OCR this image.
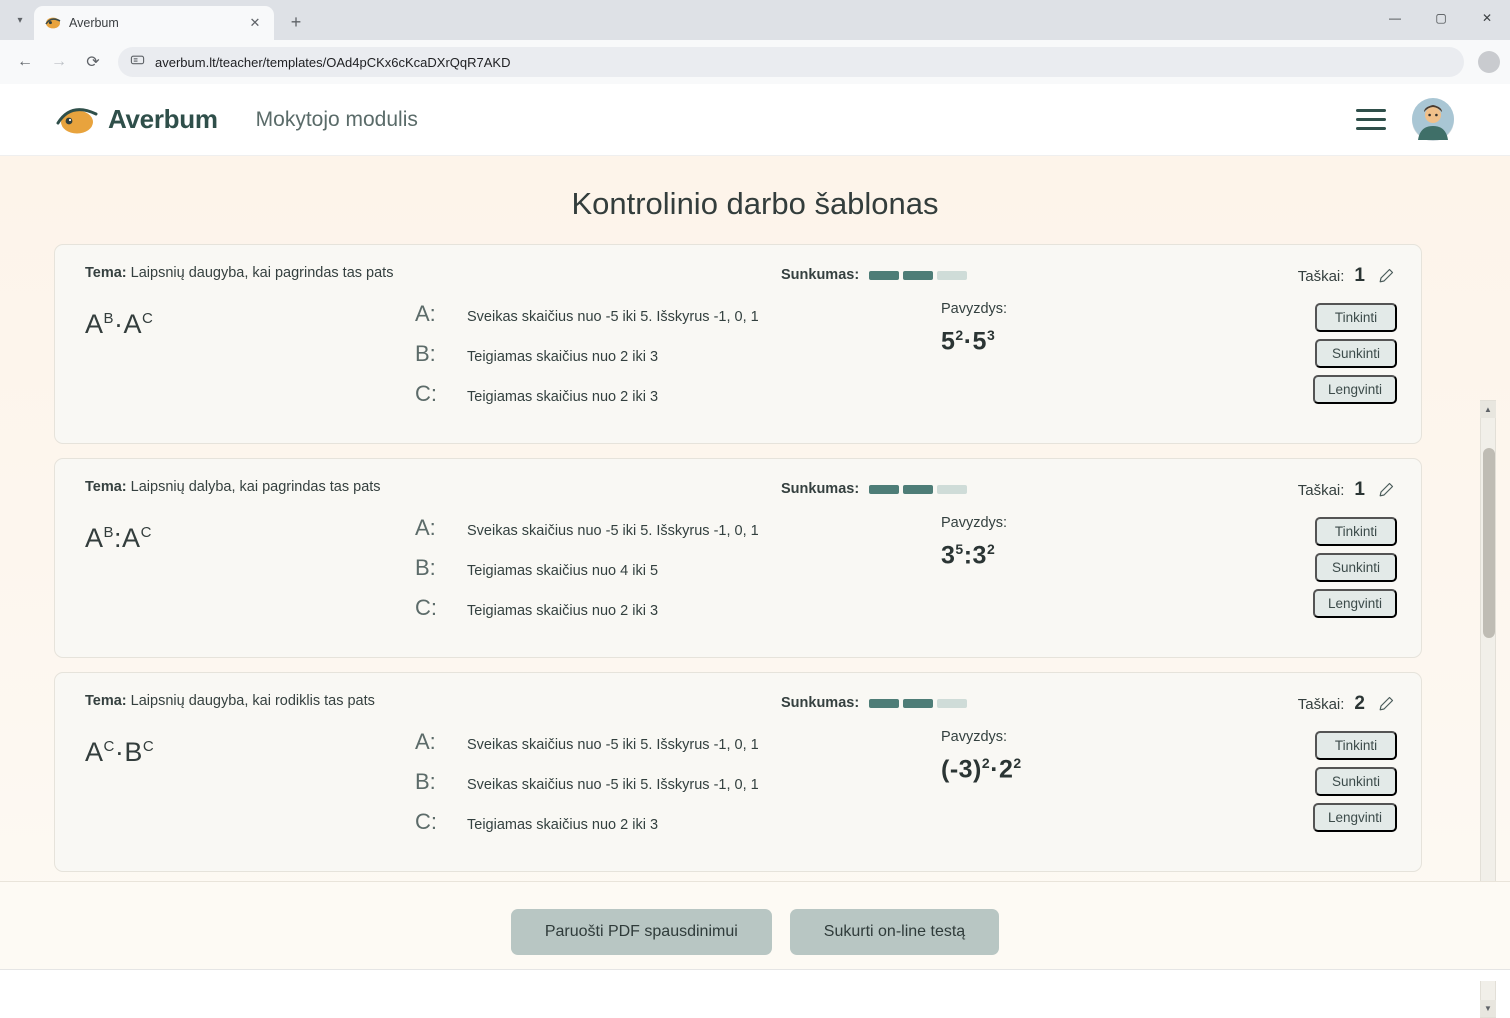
▾	Averbum	✕	+	—	▢	✕
←	→	⟳	averbum.lt/teacher/templates/OAd4pCKx6cKcaDXrQqR7AKD
Averbum Mokytojo modulis
Kontrolinio darbo šablonas
Tema: Laipsnių daugyba, kai pagrindas tas pats	Sunkumas:	Taškai: 1
$A^B\cdot A^C$	A:	Sveikas skaičius nuo -5 iki 5. Išskyrus -1, 0, 1
B:	Teigiamas skaičius nuo 2 iki 3
C:	Teigiamas skaičius nuo 2 iki 3
Pavyzdys:
$5^2\cdot 5^3$
Tinkinti
Sunkinti
Lengvinti
Tema: Laipsnių dalyba, kai pagrindas tas pats	Sunkumas:	Taškai: 1
$A^B:A^C$	A:	Sveikas skaičius nuo -5 iki 5. Išskyrus -1, 0, 1
B:	Teigiamas skaičius nuo 4 iki 5
C:	Teigiamas skaičius nuo 2 iki 3
Pavyzdys:
$3^5:3^2$
Tinkinti
Sunkinti
Lengvinti
Tema: Laipsnių daugyba, kai rodiklis tas pats	Sunkumas:	Taškai: 2
$A^C\cdot B^C$	A:	Sveikas skaičius nuo -5 iki 5. Išskyrus -1, 0, 1
B:	Sveikas skaičius nuo -5 iki 5. Išskyrus -1, 0, 1
C:	Teigiamas skaičius nuo 2 iki 3
Pavyzdys:
$(-3)^2\cdot 2^2$
Tinkinti
Sunkinti
Lengvinti
▲
▼
Paruošti PDF spausdinimui	Sukurti on-line testą
